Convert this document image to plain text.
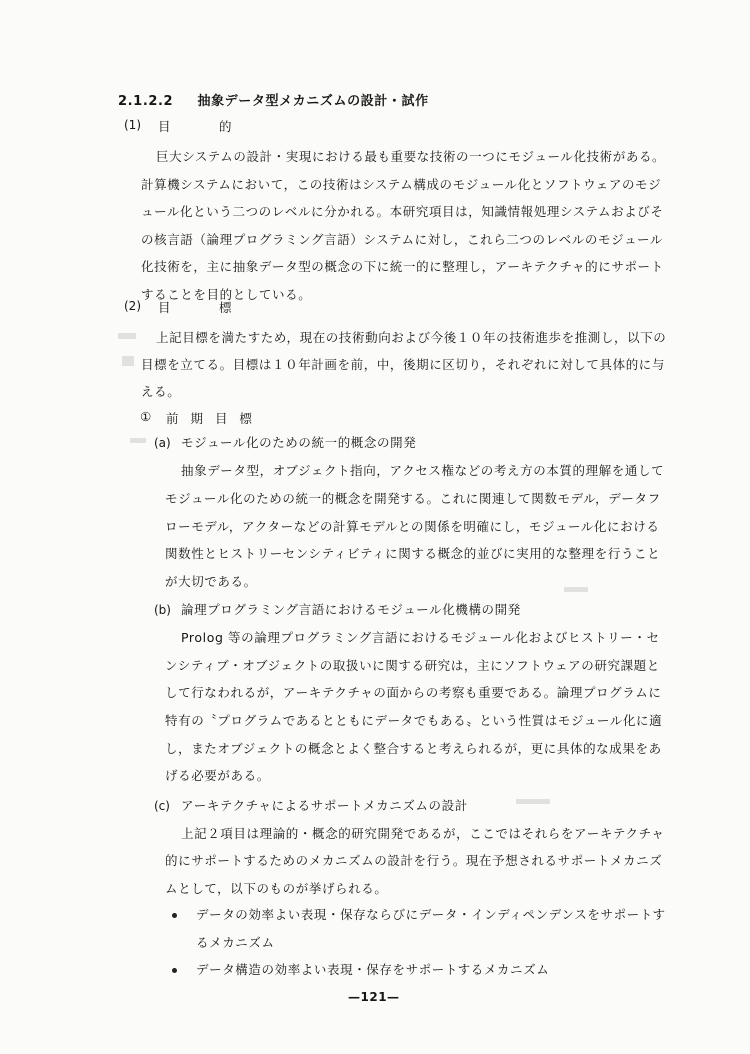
2.1.2.2 抽象データ型メカニズムの設計・試作
(1) 目　的
巨大システムの設計・実現における最も重要な技術の一つにモジュール化技術がある。
計算機システムにおいて，この技術はシステム構成のモジュール化とソフトウェアのモジ
ュール化という二つのレベルに分かれる。本研究項目は，知識情報処理システムおよびそ
の核言語（論理プログラミング言語）システムに対し，これら二つのレベルのモジュール
化技術を，主に抽象データ型の概念の下に統一的に整理し，アーキテクチャ的にサポート
することを目的としている。
(2) 目　標
上記目標を満たすため，現在の技術動向および今後１０年の技術進歩を推測し，以下の
目標を立てる。目標は１０年計画を前，中，後期に区切り，それぞれに対して具体的に与
える。
① 前 期 目 標
(a) モジュール化のための統一的概念の開発
抽象データ型，オブジェクト指向，アクセス権などの考え方の本質的理解を通して
モジュール化のための統一的概念を開発する。これに関連して関数モデル，データフ
ローモデル，アクターなどの計算モデルとの関係を明確にし，モジュール化における
関数性とヒストリーセンシティビティに関する概念的並びに実用的な整理を行うこと
が大切である。
(b) 論理プログラミング言語におけるモジュール化機構の開発
Prolog 等の論理プログラミング言語におけるモジュール化およびヒストリー・セ
ンシティブ・オブジェクトの取扱いに関する研究は，主にソフトウェアの研究課題と
して行なわれるが，アーキテクチャの面からの考察も重要である。論理プログラムに
特有の〝プログラムであるとともにデータでもある〟という性質はモジュール化に適
し，またオブジェクトの概念とよく整合すると考えられるが，更に具体的な成果をあ
げる必要がある。
(c) アーキテクチャによるサポートメカニズムの設計
上記２項目は理論的・概念的研究開発であるが，ここではそれらをアーキテクチャ
的にサポートするためのメカニズムの設計を行う。現在予想されるサポートメカニズ
ムとして，以下のものが挙げられる。
データの効率よい表現・保存ならびにデータ・インディペンデンスをサポートす
るメカニズム
データ構造の効率よい表現・保存をサポートするメカニズム
—121—
